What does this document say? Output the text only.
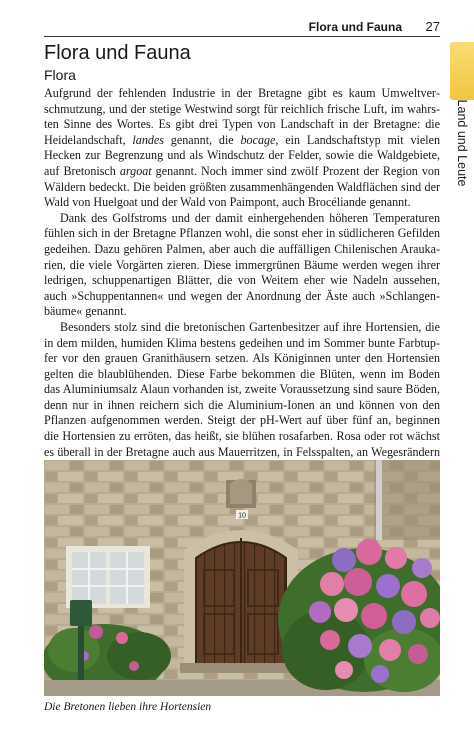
Flora und Fauna 27
Land und Leute
Flora und Fauna
Flora

Aufgrund der fehlenden Industrie in der Bretagne gibt es kaum Umweltverschmutzung, und der stetige Westwind sorgt für reichlich frische Luft, im wahrsten Sinne des Wortes. Es gibt drei Typen von Landschaft in der Bretagne: die Heidelandschaft, landes genannt, die bocage, ein Landschaftstyp mit vielen Hecken zur Begrenzung und als Windschutz der Felder, sowie die Waldgebiete, auf Bretonisch argoat genannt. Noch immer sind zwölf Prozent der Region von Wäldern bedeckt. Die beiden größten zusammenhängenden Waldflächen sind der Wald von Huelgoat und der Wald von Paimpont, auch Brocéliande genannt.

Dank des Golfstroms und der damit einhergehenden höheren Temperaturen fühlen sich in der Bretagne Pflanzen wohl, die sonst eher in südlicheren Gefilden gedeihen. Dazu gehören Palmen, aber auch die auffälligen Chilenischen Araukarien, die viele Vorgärten zieren. Diese immergrünen Bäume werden wegen ihrer ledrigen, schuppenartigen Blätter, die von Weitem eher wie Nadeln aussehen, auch »Schuppentannen« und wegen der Anordnung der Äste auch »Schlangenbäume« genannt.

Besonders stolz sind die bretonischen Gartenbesitzer auf ihre Hortensien, die in dem milden, humiden Klima bestens gedeihen und im Sommer bunte Farbtupfer vor den grauen Granithäusern setzen. Als Königinnen unter den Hortensien gelten die blaublühenden. Diese Farbe bekommen die Blüten, wenn im Boden das Aluminiumsalz Alaun vorhanden ist, zweite Voraussetzung sind saure Böden, denn nur in ihnen reichern sich die Aluminium-Ionen an und können von den Pflanzen aufgenommen werden. Steigt der pH-Wert auf über fünf an, beginnen die Hortensien zu erröten, das heißt, sie blühen rosafarben. Rosa oder rot wächst es überall in der Bretagne auch aus Mauerritzen, in Felsspalten, an Wegesrändern

10
Die Bretonen lieben ihre Hortensien
